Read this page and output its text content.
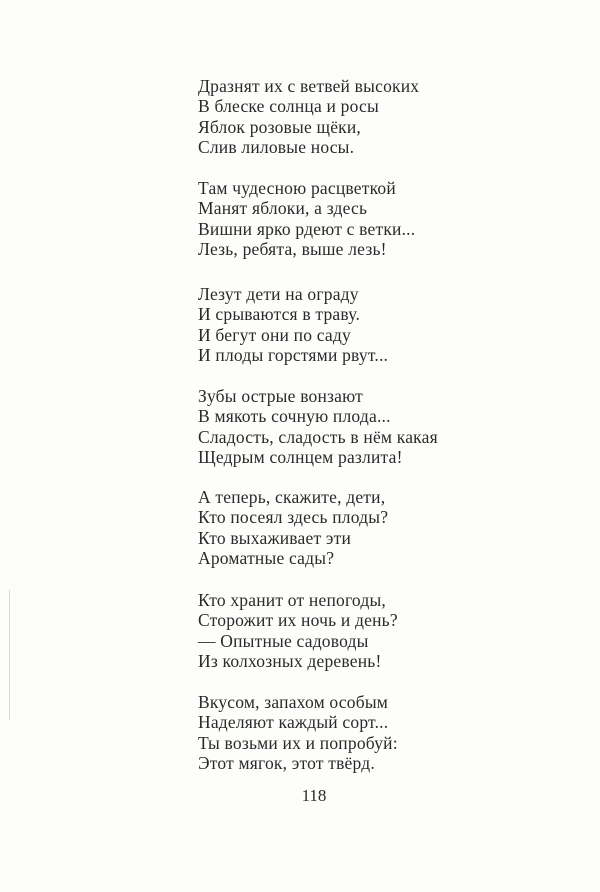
Дразнят их с ветвей высоких
В блеске солнца и росы
Яблок розовые щёки,
Слив лиловые носы.
Там чудесною расцветкой
Манят яблоки, а здесь
Вишни ярко рдеют с ветки...
Лезь, ребята, выше лезь!
Лезут дети на ограду
И срываются в траву.
И бегут они по саду
И плоды горстями рвут...
Зубы острые вонзают
В мякоть сочную плода...
Сладость, сладость в нём какая
Щедрым солнцем разлита!
А теперь, скажите, дети,
Кто посеял здесь плоды?
Кто выхаживает эти
Ароматные сады?
Кто хранит от непогоды,
Сторожит их ночь и день?
— Опытные садоводы
Из колхозных деревень!
Вкусом, запахом особым
Наделяют каждый сорт...
Ты возьми их и попробуй:
Этот мягок, этот твёрд.
118
